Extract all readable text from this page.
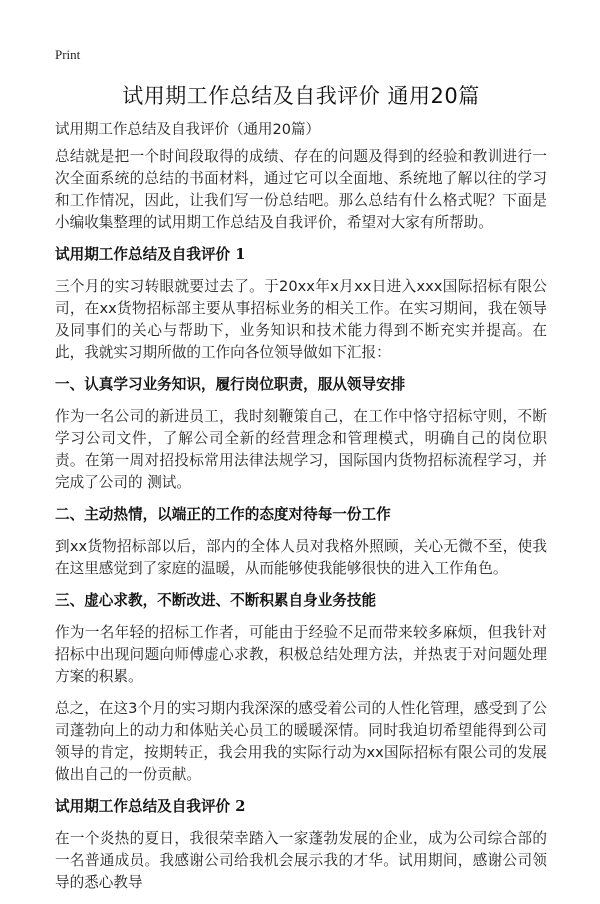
Print
试用期工作总结及自我评价 通用20篇
试用期工作总结及自我评价（通用20篇）

总结就是把一个时间段取得的成绩、存在的问题及得到的经验和教训进行一次全面系统的总结的书面材料，通过它可以全面地、系统地了解以往的学习和工作情况，因此，让我们写一份总结吧。那么总结有什么格式呢？下面是小编收集整理的试用期工作总结及自我评价，希望对大家有所帮助。

试用期工作总结及自我评价 1

三个月的实习转眼就要过去了。于20xx年x月xx日进入xxx国际招标有限公司，在xx货物招标部主要从事招标业务的相关工作。在实习期间，我在领导及同事们的关心与帮助下，业务知识和技术能力得到不断充实并提高。在此，我就实习期所做的工作向各位领导做如下汇报：

一、认真学习业务知识，履行岗位职责，服从领导安排

作为一名公司的新进员工，我时刻鞭策自己，在工作中恪守招标守则，不断学习公司文件，了解公司全新的经营理念和管理模式，明确自己的岗位职责。在第一周对招投标常用法律法规学习，国际国内货物招标流程学习，并完成了公司的 测试。

二、主动热情，以端正的工作的态度对待每一份工作

到xx货物招标部以后，部内的全体人员对我格外照顾，关心无微不至，使我在这里感觉到了家庭的温暖，从而能够使我能够很快的进入工作角色。

三、虚心求教，不断改进、不断积累自身业务技能

作为一名年轻的招标工作者，可能由于经验不足而带来较多麻烦，但我针对招标中出现问题向师傅虚心求教，积极总结处理方法，并热衷于对问题处理方案的积累。

总之，在这3个月的实习期内我深深的感受着公司的人性化管理，感受到了公司蓬勃向上的动力和体贴关心员工的暖暖深情。同时我迫切希望能得到公司领导的肯定，按期转正，我会用我的实际行动为xx国际招标有限公司的发展做出自己的一份贡献。

试用期工作总结及自我评价 2

在一个炎热的夏日，我很荣幸踏入一家蓬勃发展的企业，成为公司综合部的一名普通成员。我感谢公司给我机会展示我的才华。试用期间，感谢公司领导的悉心教导
